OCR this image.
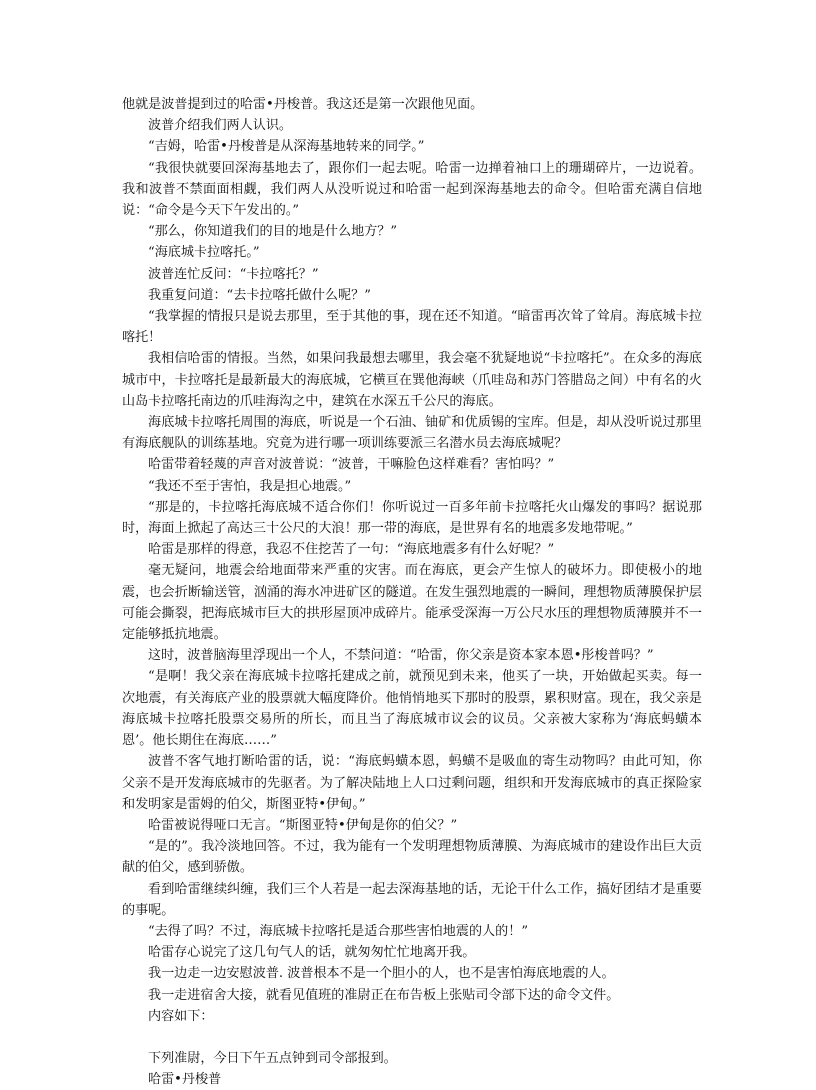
他就是波普提到过的哈雷•丹梭普。我这还是第一次跟他见面。

波普介绍我们两人认识。

“吉姆，哈雷•丹梭普是从深海基地转来的同学。”

“我很快就要回深海基地去了，跟你们一起去呢。哈雷一边掸着袖口上的珊瑚碎片，一边说着。我和波普不禁面面相觑，我们两人从没听说过和哈雷一起到深海基地去的命令。但哈雷充满自信地说：“命令是今天下午发出的。”

“那么，你知道我们的目的地是什么地方？”

“海底城卡拉喀托。”

波普连忙反问：“卡拉喀托？”

我重复问道：“去卡拉喀托做什么呢？”

“我掌握的情报只是说去那里，至于其他的事，现在还不知道。“暗雷再次耸了耸肩。海底城卡拉喀托！

我相信哈雷的情报。当然，如果问我最想去哪里，我会毫不犹疑地说“卡拉喀托”。在众多的海底城市中，卡拉喀托是最新最大的海底城，它横亘在巽他海峡（爪哇岛和苏门答腊岛之间）中有名的火山岛卡拉喀托南边的爪哇海沟之中，建筑在水深五千公尺的海底。

海底城卡拉喀托周围的海底，听说是一个石油、铀矿和优质锡的宝库。但是，却从没听说过那里有海底舰队的训练基地。究竟为进行哪一项训练要派三名潜水员去海底城呢？

哈雷带着轻蔑的声音对波普说：“波普，干嘛脸色这样难看？害怕吗？”

“我还不至于害怕，我是担心地震。”

“那是的，卡拉喀托海底城不适合你们！你听说过一百多年前卡拉喀托火山爆发的事吗？据说那时，海面上掀起了高达三十公尺的大浪！那一带的海底，是世界有名的地震多发地带呢。”

哈雷是那样的得意，我忍不住挖苦了一句：“海底地震多有什么好呢？”

毫无疑问，地震会给地面带来严重的灾害。而在海底，更会产生惊人的破坏力。即使极小的地震，也会折断输送管，汹涌的海水冲进矿区的隧道。在发生强烈地震的一瞬间，理想物质薄膜保护层可能会撕裂，把海底城市巨大的拱形屋顶冲成碎片。能承受深海一万公尺水压的理想物质薄膜并不一定能够抵抗地震。

这时，波普脑海里浮现出一个人，不禁问道：“哈雷，你父亲是资本家本恩•彤梭普吗？”

“是啊！我父亲在海底城卡拉喀托建成之前，就预见到未来，他买了一块，开始做起买卖。每一次地震，有关海底产业的股票就大幅度降价。他悄悄地买下那时的股票，累积财富。现在，我父亲是海底城卡拉喀托股票交易所的所长，而且当了海底城市议会的议员。父亲被大家称为‘海底蚂蟥本恩’。他长期住在海底……”

波普不客气地打断哈雷的话，说：“海底蚂蟥本恩，蚂蟥不是吸血的寄生动物吗？由此可知，你父亲不是开发海底城市的先驱者。为了解决陆地上人口过剩问题，组织和开发海底城市的真正探险家和发明家是雷姆的伯父，斯图亚特•伊甸。”

哈雷被说得哑口无言。“斯图亚特•伊甸是你的伯父？”

“是的”。我冷淡地回答。不过，我为能有一个发明理想物质薄膜、为海底城市的建设作出巨大贡献的伯父，感到骄傲。

看到哈雷继续纠缠，我们三个人若是一起去深海基地的话，无论干什么工作，搞好团结才是重要的事呢。

“去得了吗？不过，海底城卡拉喀托是适合那些害怕地震的人的！”

哈雷存心说完了这几句气人的话，就匆匆忙忙地离开我。

我一边走一边安慰波普. 波普根本不是一个胆小的人，也不是害怕海底地震的人。

我一走进宿舍大接，就看见值班的准尉正在布告板上张贴司令部下达的命令文件。

内容如下：

下列准尉，今日下午五点钟到司令部报到。

哈雷•丹梭普
